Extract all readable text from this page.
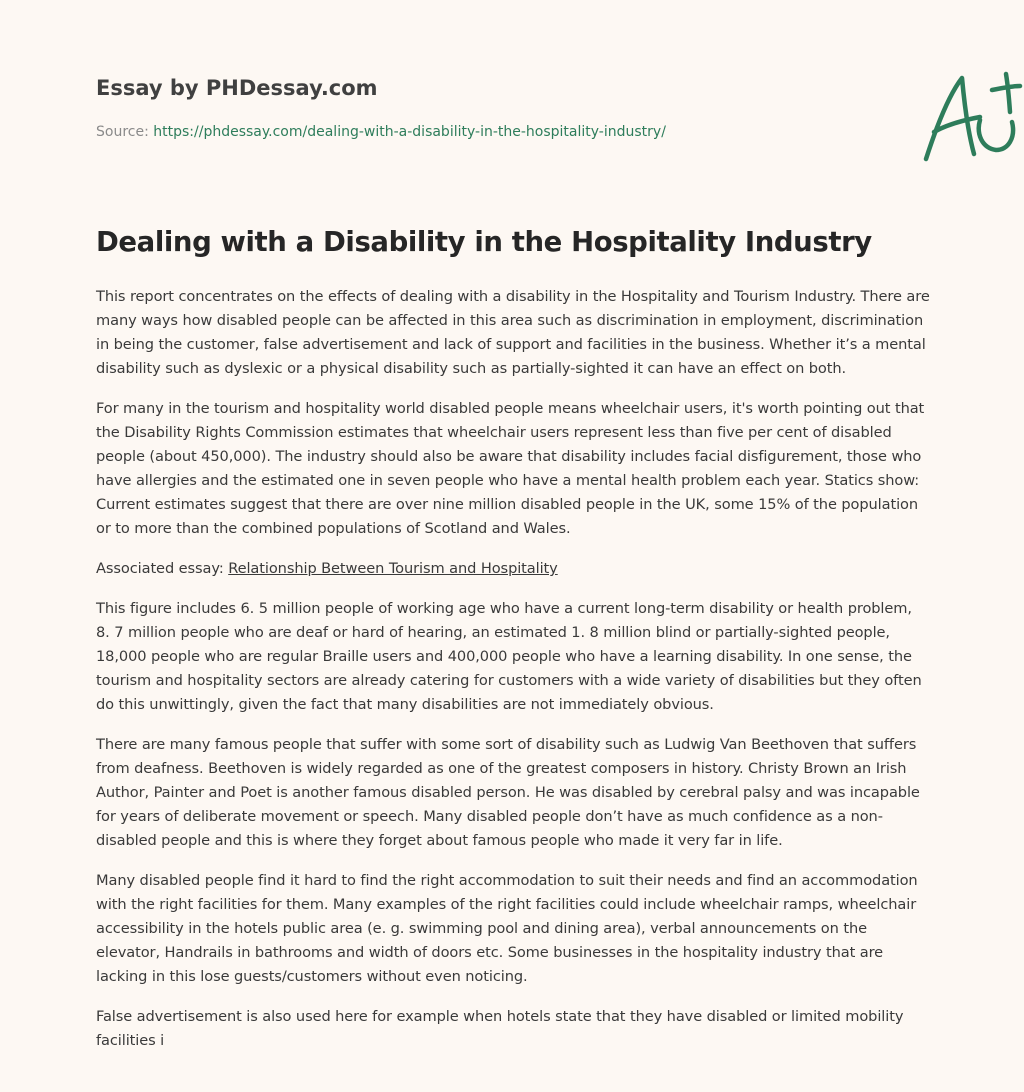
Essay by PHDessay.com
Source: https://phdessay.com/dealing-with-a-disability-in-the-hospitality-industry/
Dealing with a Disability in the Hospitality Industry

This report concentrates on the effects of dealing with a disability in the Hospitality and Tourism Industry. There are many ways how disabled people can be affected in this area such as discrimination in employment, discrimination in being the customer, false advertisement and lack of support and facilities in the business. Whether it’s a mental disability such as dyslexic or a physical disability such as partially-sighted it can have an effect on both.

For many in the tourism and hospitality world disabled people means wheelchair users, it's worth pointing out that the Disability Rights Commission estimates that wheelchair users represent less than five per cent of disabled people (about 450,000). The industry should also be aware that disability includes facial disfigurement, those who have allergies and the estimated one in seven people who have a mental health problem each year. Statics show: Current estimates suggest that there are over nine million disabled people in the UK, some 15% of the population or to more than the combined populations of Scotland and Wales.

Associated essay: Relationship Between Tourism and Hospitality

This figure includes 6. 5 million people of working age who have a current long-term disability or health problem, 8. 7 million people who are deaf or hard of hearing, an estimated 1. 8 million blind or partially-sighted people, 18,000 people who are regular Braille users and 400,000 people who have a learning disability. In one sense, the tourism and hospitality sectors are already catering for customers with a wide variety of disabilities but they often do this unwittingly, given the fact that many disabilities are not immediately obvious.

There are many famous people that suffer with some sort of disability such as Ludwig Van Beethoven that suffers from deafness. Beethoven is widely regarded as one of the greatest composers in history. Christy Brown an Irish Author, Painter and Poet is another famous disabled person. He was disabled by cerebral palsy and was incapable for years of deliberate movement or speech. Many disabled people don’t have as much confidence as a non-disabled people and this is where they forget about famous people who made it very far in life.

Many disabled people find it hard to find the right accommodation to suit their needs and find an accommodation with the right facilities for them. Many examples of the right facilities could include wheelchair ramps, wheelchair accessibility in the hotels public area (e. g. swimming pool and dining area), verbal announcements on the elevator, Handrails in bathrooms and width of doors etc. Some businesses in the hospitality industry that are lacking in this lose guests/customers without even noticing.

False advertisement is also used here for example when hotels state that they have disabled or limited mobility facilities i
